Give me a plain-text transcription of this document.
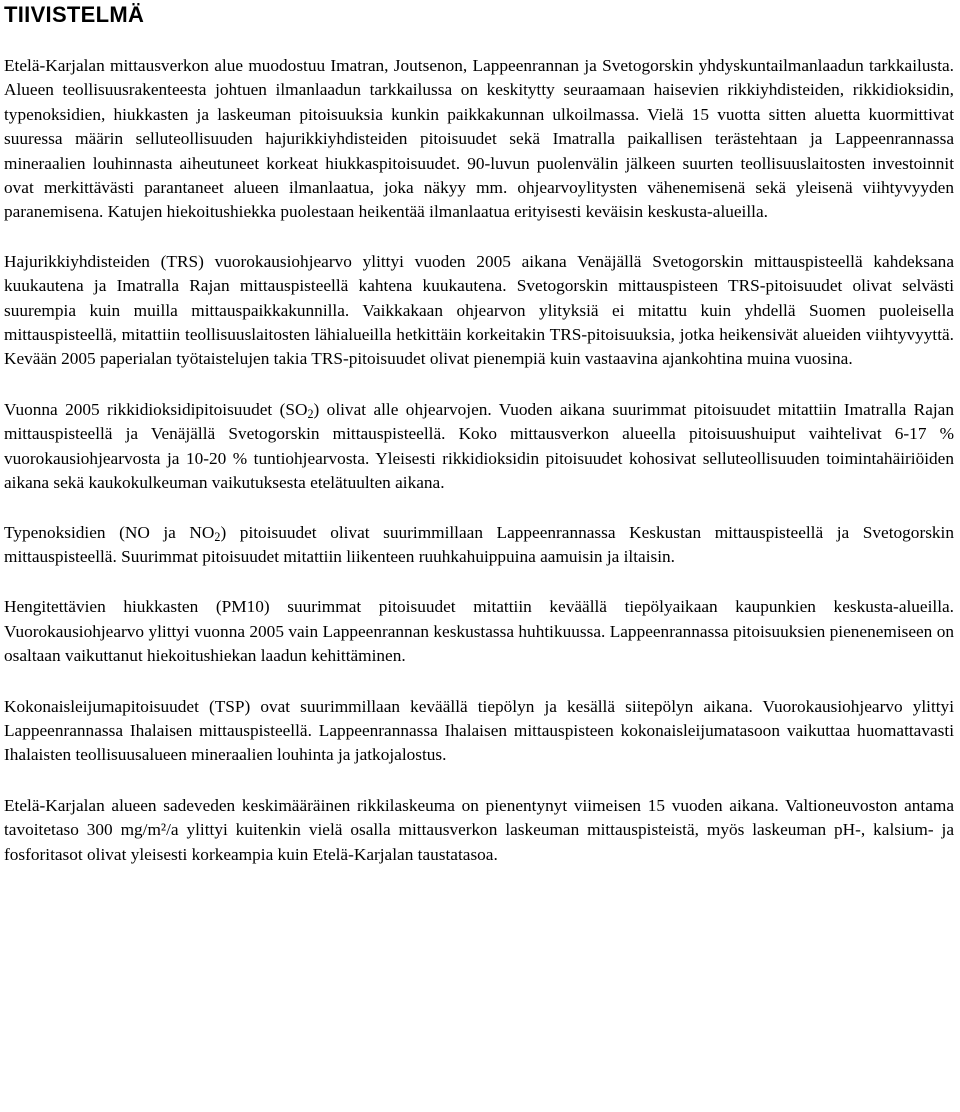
TIIVISTELMÄ

Etelä-Karjalan mittausverkon alue muodostuu Imatran, Joutsenon, Lappeenrannan ja Svetogorskin yhdyskuntailmanlaadun tarkkailusta. Alueen teollisuusrakenteesta johtuen ilmanlaadun tarkkailussa on keskitytty seuraamaan haisevien rikkiyhdisteiden, rikkidioksidin, typenoksidien, hiukkasten ja laskeuman pitoisuuksia kunkin paikkakunnan ulkoilmassa. Vielä 15 vuotta sitten aluetta kuormittivat suuressa määrin selluteollisuuden hajurikkiyhdisteiden pitoisuudet sekä Imatralla paikallisen terästehtaan ja Lappeenrannassa mineraalien louhinnasta aiheutuneet korkeat hiukkaspitoisuudet. 90-luvun puolenvälin jälkeen suurten teollisuuslaitosten investoinnit ovat merkittävästi parantaneet alueen ilmanlaatua, joka näkyy mm. ohjearvoylitysten vähenemisenä sekä yleisenä viihtyvyyden paranemisena. Katujen hiekoitushiekka puolestaan heikentää ilmanlaatua erityisesti keväisin keskusta-alueilla.

Hajurikkiyhdisteiden (TRS) vuorokausiohjearvo ylittyi vuoden 2005 aikana Venäjällä Svetogorskin mittauspisteellä kahdeksana kuukautena ja Imatralla Rajan mittauspisteellä kahtena kuukautena. Svetogorskin mittauspisteen TRS-pitoisuudet olivat selvästi suurempia kuin muilla mittauspaikkakunnilla. Vaikkakaan ohjearvon ylityksiä ei mitattu kuin yhdellä Suomen puoleisella mittauspisteellä, mitattiin teollisuuslaitosten lähialueilla hetkittäin korkeitakin TRS-pitoisuuksia, jotka heikensivät alueiden viihtyvyyttä. Kevään 2005 paperialan työtaistelujen takia TRS-pitoisuudet olivat pienempiä kuin vastaavina ajankohtina muina vuosina.

Vuonna 2005 rikkidioksidipitoisuudet $(SO_2)$ olivat alle ohjearvojen. Vuoden aikana suurimmat pitoisuudet mitattiin Imatralla Rajan mittauspisteellä ja Venäjällä Svetogorskin mittauspisteellä. Koko mittausverkon alueella pitoisuushuiput vaihtelivat 6-17 % vuorokausiohjearvosta ja 10-20 % tuntiohjearvosta. Yleisesti rikkidioksidin pitoisuudet kohosivat selluteollisuuden toimintahäiriöiden aikana sekä kaukokulkeuman vaikutuksesta etelätuulten aikana.

Typenoksidien (NO ja $NO_2$) pitoisuudet olivat suurimmillaan Lappeenrannassa Keskustan mittauspisteellä ja Svetogorskin mittauspisteellä. Suurimmat pitoisuudet mitattiin liikenteen ruuhkahuippuina aamuisin ja iltaisin.

Hengitettävien hiukkasten (PM10) suurimmat pitoisuudet mitattiin keväällä tiepölyaikaan kaupunkien keskusta-alueilla. Vuorokausiohjearvo ylittyi vuonna 2005 vain Lappeenrannan keskustassa huhtikuussa. Lappeenrannassa pitoisuuksien pienenemiseen on osaltaan vaikuttanut hiekoitushiekan laadun kehittäminen.

Kokonaisleijumapitoisuudet (TSP) ovat suurimmillaan keväällä tiepölyn ja kesällä siitepölyn aikana. Vuorokausiohjearvo ylittyi Lappeenrannassa Ihalaisen mittauspisteellä. Lappeenrannassa Ihalaisen mittauspisteen kokonaisleijumatasoon vaikuttaa huomattavasti Ihalaisten teollisuusalueen mineraalien louhinta ja jatkojalostus.

Etelä-Karjalan alueen sadeveden keskimääräinen rikkilaskeuma on pienentynyt viimeisen 15 vuoden aikana. Valtioneuvoston antama tavoitetaso 300 mg/m²/a ylittyi kuitenkin vielä osalla mittausverkon laskeuman mittauspisteistä, myös laskeuman pH-, kalsium- ja fosforitasot olivat yleisesti korkeampia kuin Etelä-Karjalan taustatasoa.
